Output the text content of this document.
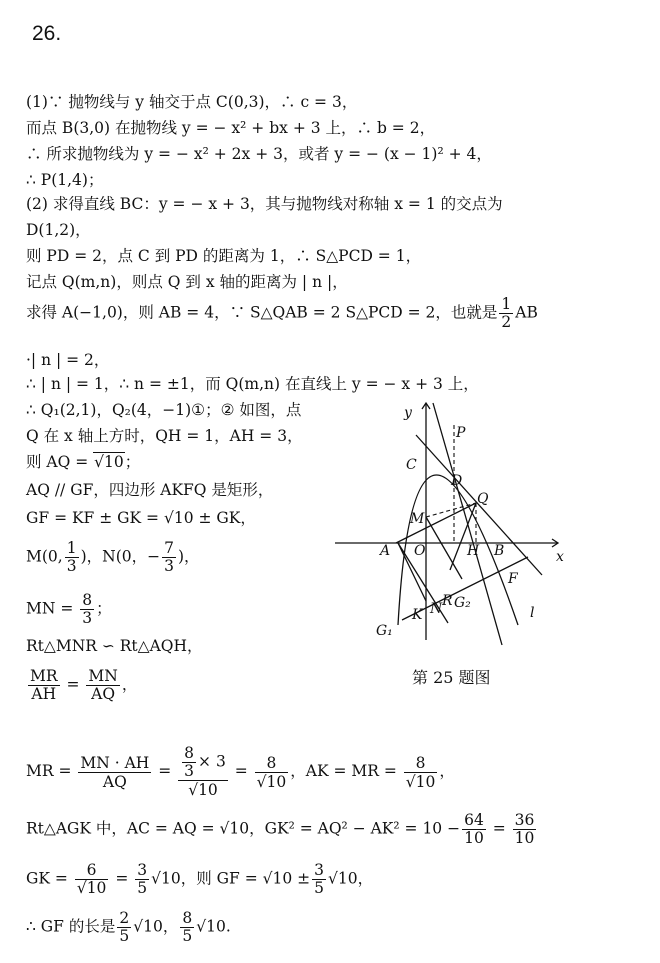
26.
(1)∵ 抛物线与 y 轴交于点 C(0,3)，∴ c = 3，
而点 B(3,0) 在抛物线 y = − x² + bx + 3 上，∴ b = 2，
∴ 所求抛物线为 y = − x² + 2x + 3，或者 y = − (x − 1)² + 4，
∴ P(1,4)；
(2) 求得直线 BC：y = − x + 3，其与抛物线对称轴 x = 1 的交点为
D(1,2)，
则 PD = 2，点 C 到 PD 的距离为 1，∴ S△PCD = 1，
记点 Q(m,n)，则点 Q 到 x 轴的距离为 | n |，
求得 A(−1,0)，则 AB = 4，∵ S△QAB = 2 S△PCD = 2，也就是 $\frac{1}{2}$ AB
·| n | = 2，
∴ | n | = 1，∴ n = ±1，而 Q(m,n) 在直线上 y = − x + 3 上，
∴ Q₁(2,1)，Q₂(4，−1)①；② 如图，点
Q 在 x 轴上方时，QH = 1，AH = 3，
则 AQ = √10；
AQ // GF，四边形 AKFQ 是矩形，
GF = KF ± GK = √10 ± GK，
M(0, $\frac{1}{3}$ )，N(0，− $\frac{7}{3}$ )，
MN = $\frac{8}{3}$ ；
Rt△MNR ∽ Rt△AQH，
$\frac{MR}{AH} = \frac{MN}{AQ}$ ，
MR = $\frac{MN \cdot AH}{AQ} = \frac{\frac{8}{3} \times 3}{√10} = \frac{8}{√10}$ ，AK = MR = $\frac{8}{√10}$ ，
Rt△AGK 中，AC = AQ = √10，$GK^2 = AQ^2 - AK^2 = 10 - \frac{64}{10} = \frac{36}{10}$
GK = $\frac{6}{√10} = \frac{3}{5} √10$，则 GF = $√10 \pm \frac{3}{5} √10$，
∴ GF 的长是 $\frac{2}{5} √10$， $\frac{8}{5} √10$.
y
x
P
C
D
Q
M
A O	H B
F
K N R G₂
G₁
l
第 25 题图
